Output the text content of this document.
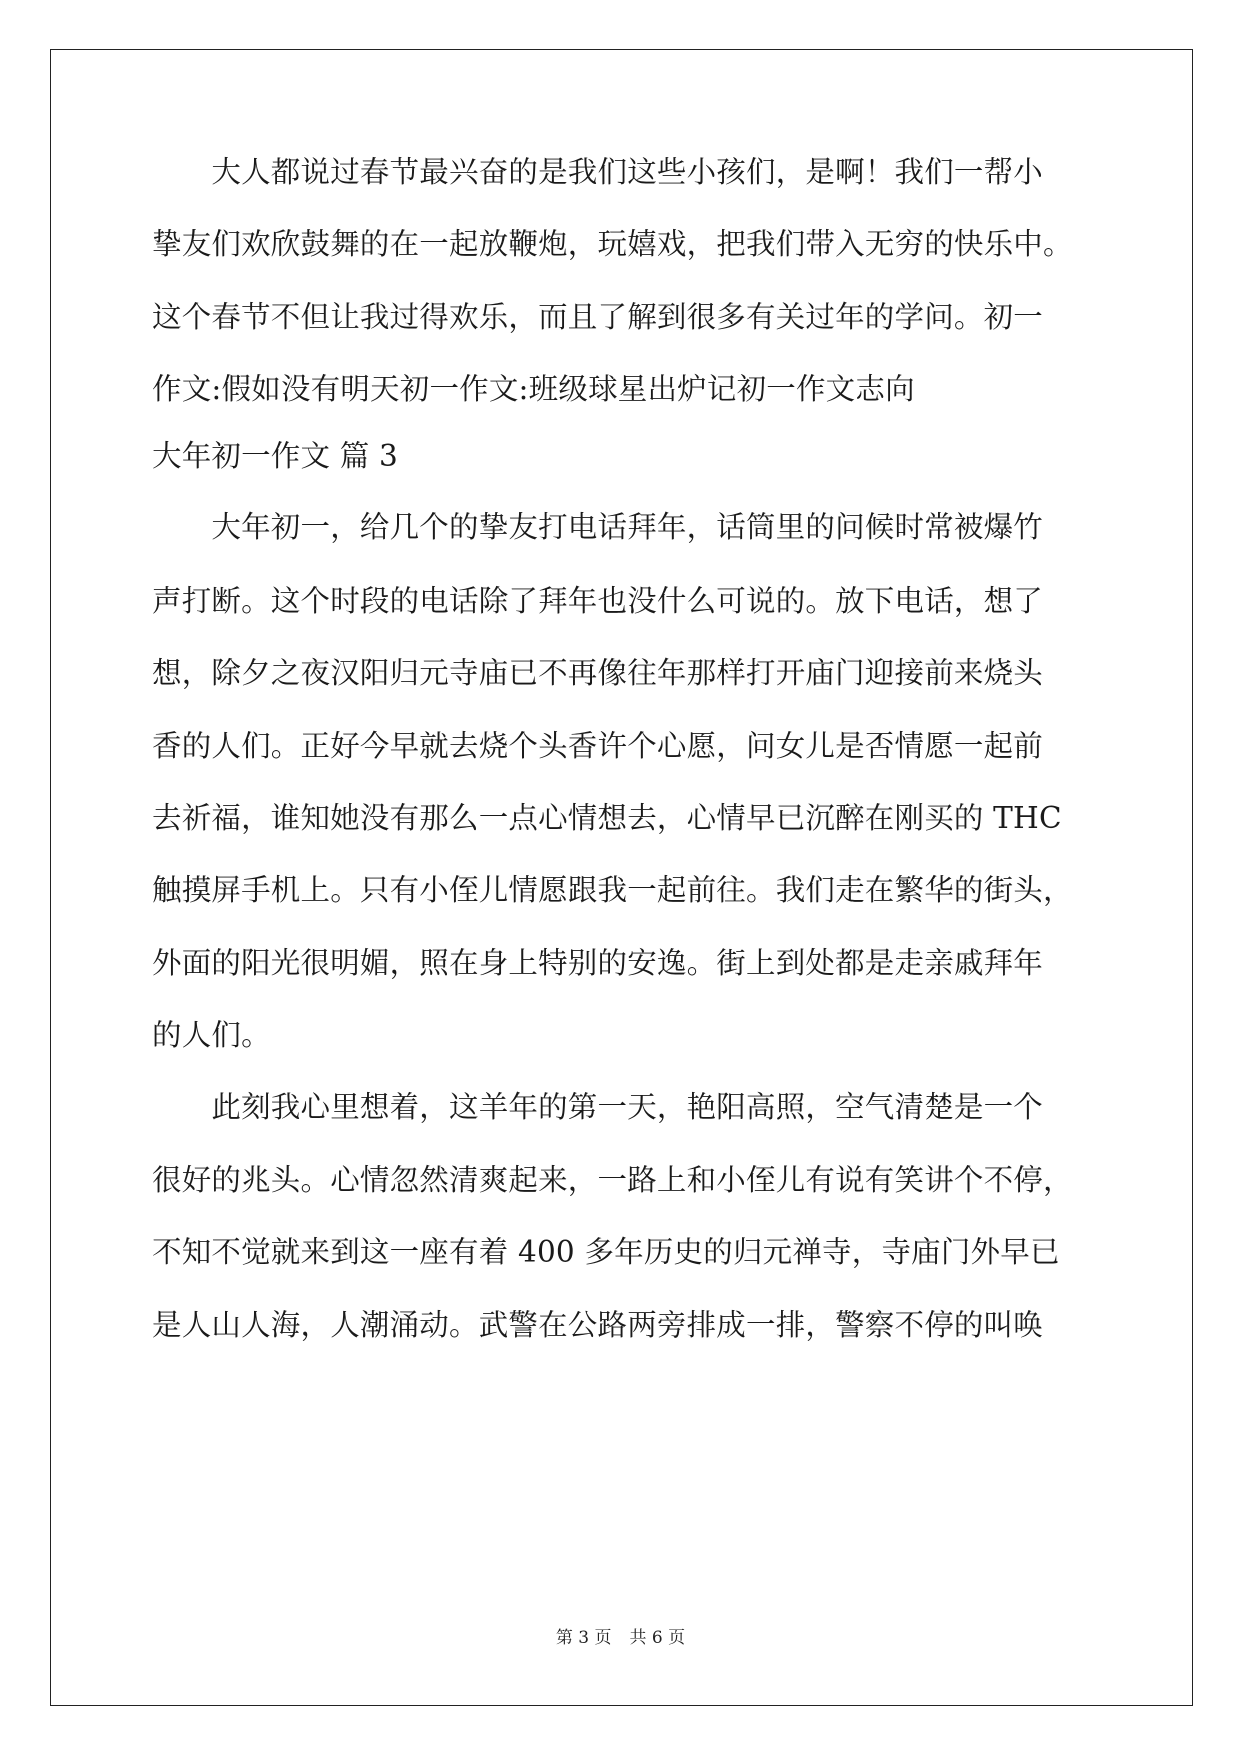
　　大人都说过春节最兴奋的是我们这些小孩们，是啊！我们一帮小
挚友们欢欣鼓舞的在一起放鞭炮，玩嬉戏，把我们带入无穷的快乐中。
这个春节不但让我过得欢乐，而且了解到很多有关过年的学问。初一
作文:假如没有明天初一作文:班级球星出炉记初一作文志向
大年初一作文 篇 3
　　大年初一，给几个的挚友打电话拜年，话筒里的问候时常被爆竹
声打断。这个时段的电话除了拜年也没什么可说的。放下电话，想了
想，除夕之夜汉阳归元寺庙已不再像往年那样打开庙门迎接前来烧头
香的人们。正好今早就去烧个头香许个心愿，问女儿是否情愿一起前
去祈福，谁知她没有那么一点心情想去，心情早已沉醉在刚买的 THC
触摸屏手机上。只有小侄儿情愿跟我一起前往。我们走在繁华的街头，
外面的阳光很明媚，照在身上特别的安逸。街上到处都是走亲戚拜年
的人们。
　　此刻我心里想着，这羊年的第一天，艳阳高照，空气清楚是一个
很好的兆头。心情忽然清爽起来，一路上和小侄儿有说有笑讲个不停，
不知不觉就来到这一座有着 400 多年历史的归元禅寺，寺庙门外早已
是人山人海，人潮涌动。武警在公路两旁排成一排，警察不停的叫唤
第 3 页 共 6 页
